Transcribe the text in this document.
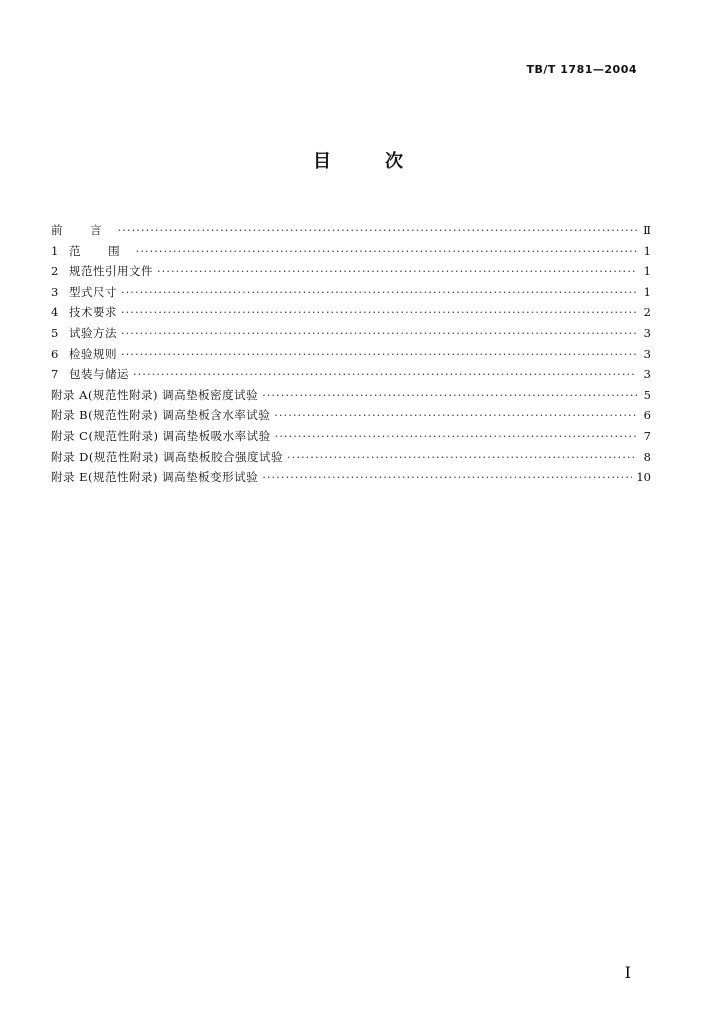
TB/T 1781—2004
目	次
前 言 ·····	Ⅱ
1 范 围 ·····	1
2 规范性引用文件 ·····	1
3 型式尺寸 ·····	1
4 技术要求 ·····	2
5 试验方法 ·····	3
6 检验规则 ·····	3
7 包装与储运 ·····	3
附录 A(规范性附录) 调高垫板密度试验 ·····	5
附录 B(规范性附录) 调高垫板含水率试验 ·····	6
附录 C(规范性附录) 调高垫板吸水率试验 ·····	7
附录 D(规范性附录) 调高垫板胶合强度试验 ·····	8
附录 E(规范性附录) 调高垫板变形试验 ·····	10
I
